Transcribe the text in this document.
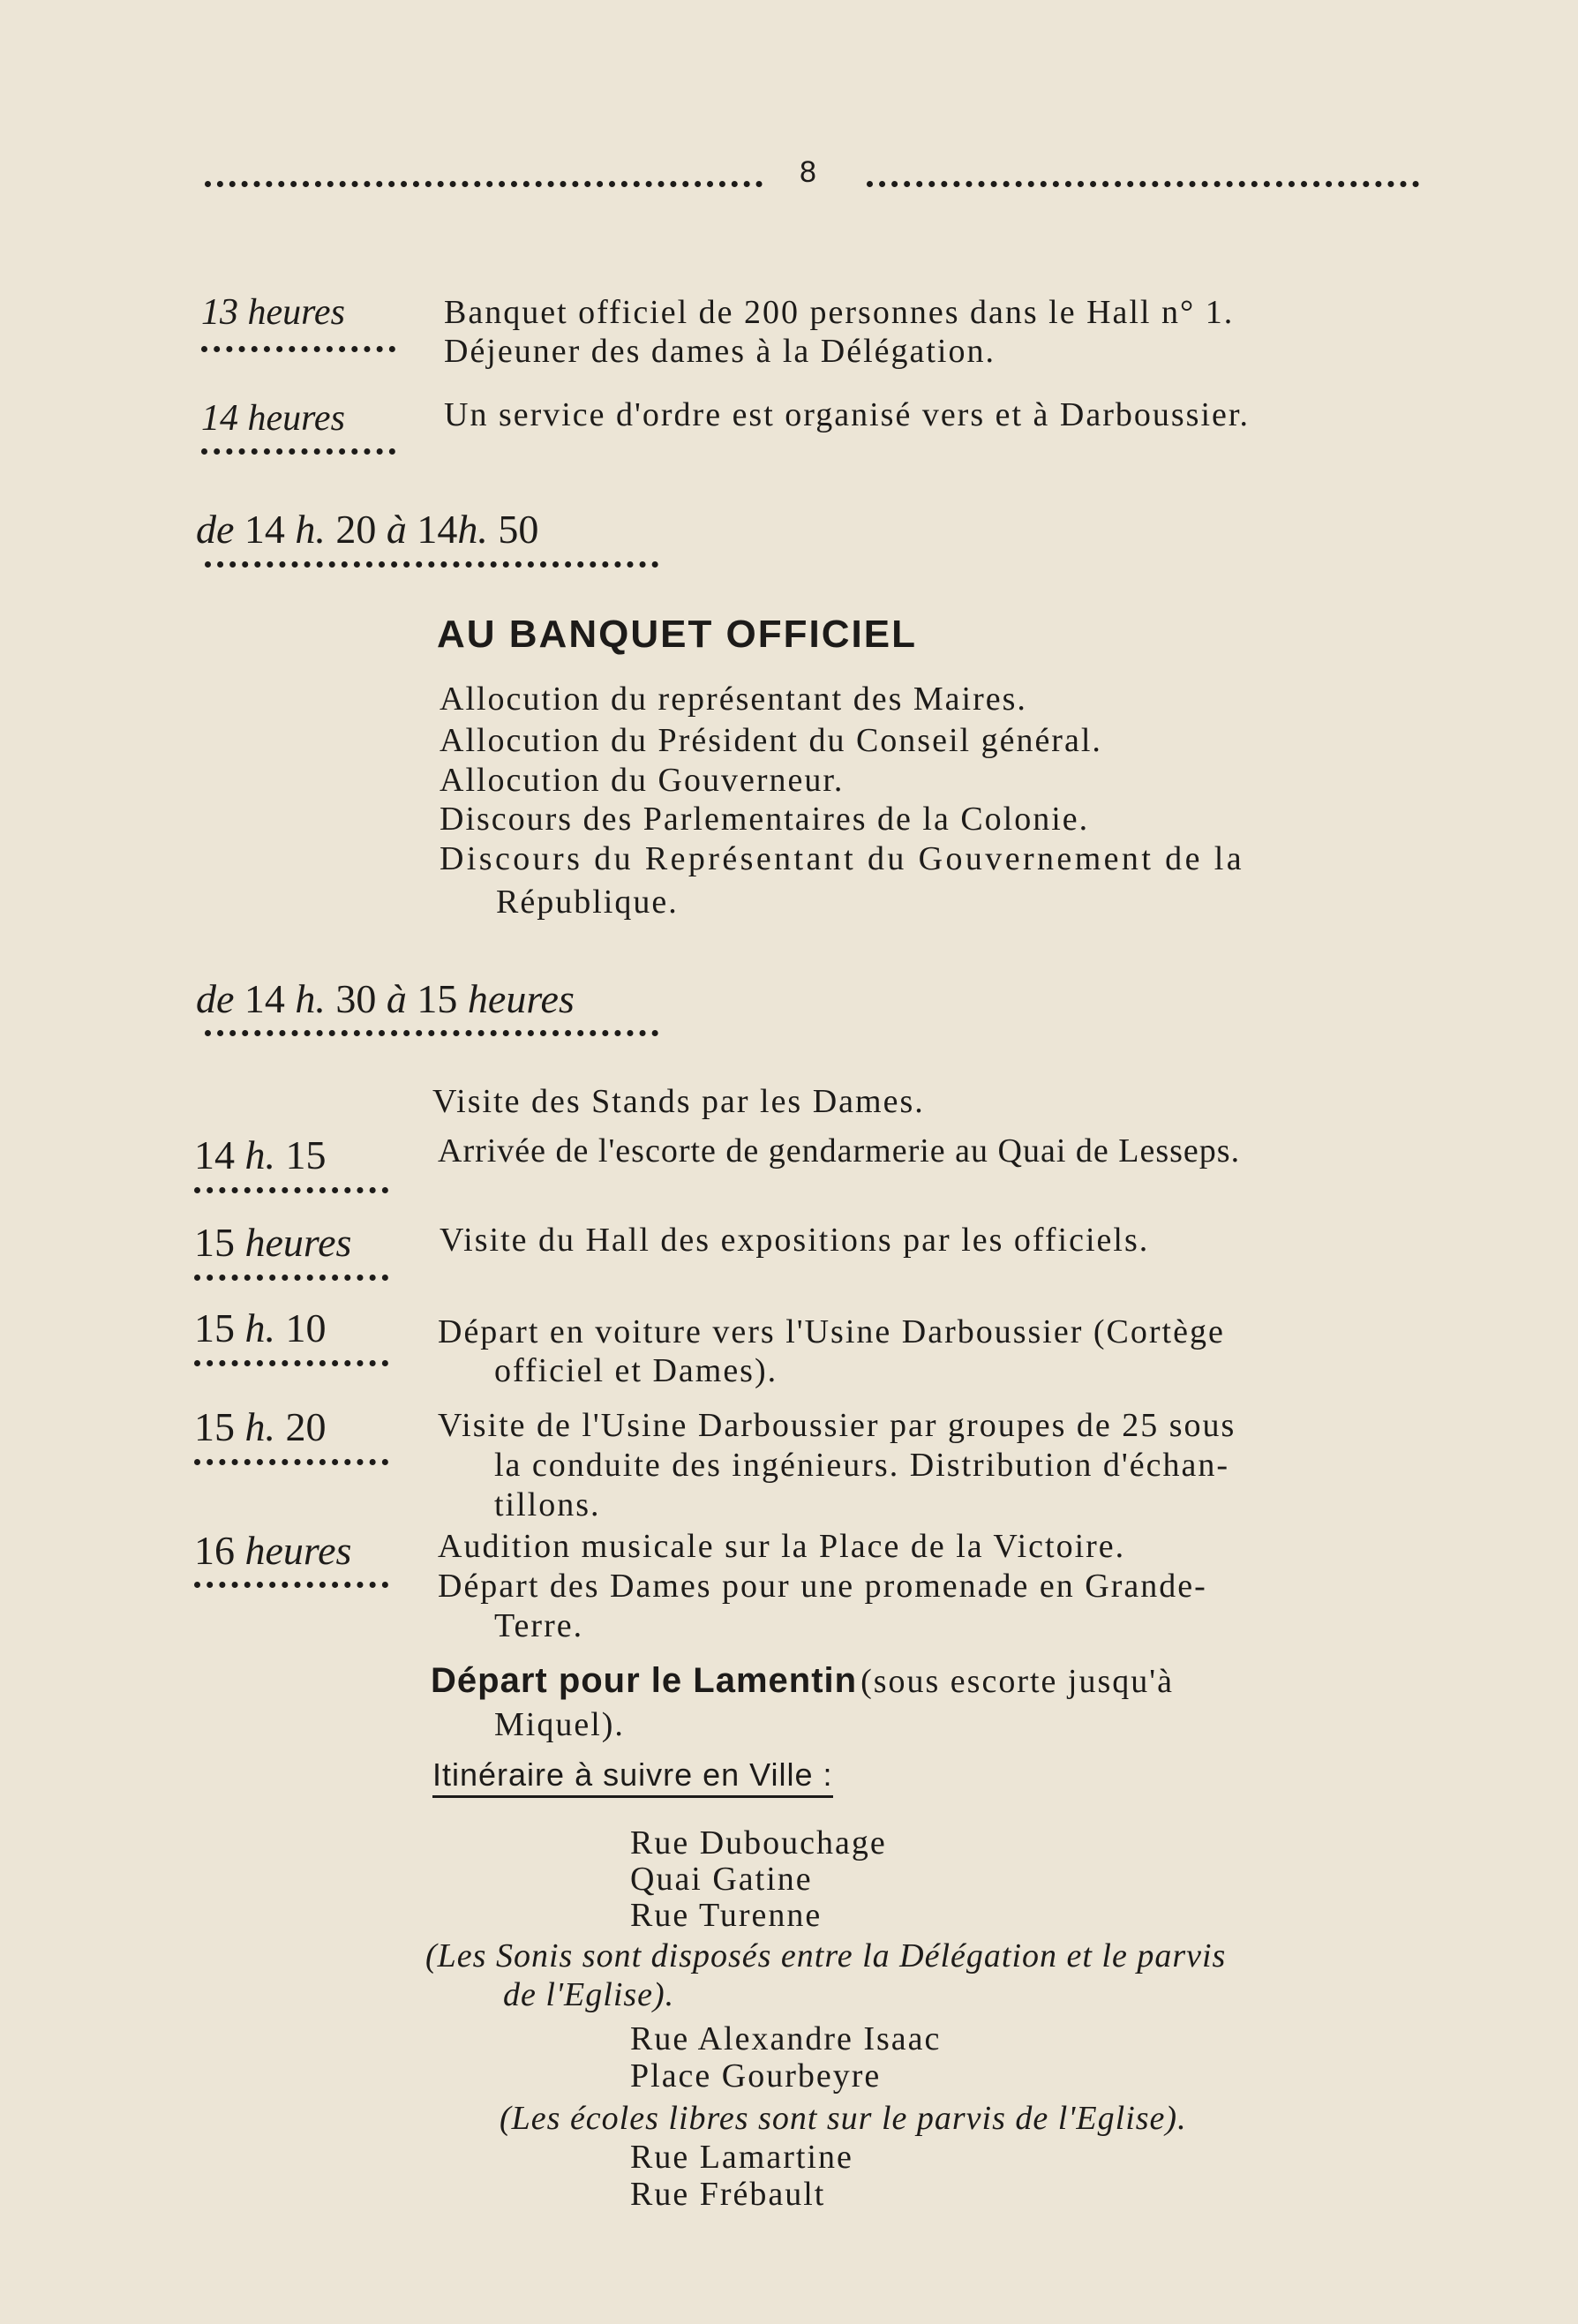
8
13 heures	Banquet officiel de 200 personnes dans le Hall n° 1.
Déjeuner des dames à la Délégation.
14 heures	Un service d'ordre est organisé vers et à Darboussier.
de 14 h. 20 à 14h. 50
AU BANQUET OFFICIEL
Allocution du représentant des Maires.
Allocution du Président du Conseil général.
Allocution du Gouverneur.
Discours des Parlementaires de la Colonie.
Discours du Représentant du Gouvernement de la
République.
de 14 h. 30 à 15 heures
Visite des Stands par les Dames.
14 h. 15	Arrivée de l'escorte de gendarmerie au Quai de Lesseps.
15 heures	Visite du Hall des expositions par les officiels.
15 h. 10	Départ en voiture vers l'Usine Darboussier (Cortège
officiel et Dames).
15 h. 20	Visite de l'Usine Darboussier par groupes de 25 sous
la conduite des ingénieurs. Distribution d'échan-
tillons.
16 heures	Audition musicale sur la Place de la Victoire.
Départ des Dames pour une promenade en Grande-
Terre.
Départ pour le Lamentin (sous escorte jusqu'à
Miquel).
Itinéraire à suivre en Ville :
Rue Dubouchage
Quai Gatine
Rue Turenne
(Les Sonis sont disposés entre la Délégation et le parvis
de l'Eglise).
Rue Alexandre Isaac
Place Gourbeyre
(Les écoles libres sont sur le parvis de l'Eglise).
Rue Lamartine
Rue Frébault
